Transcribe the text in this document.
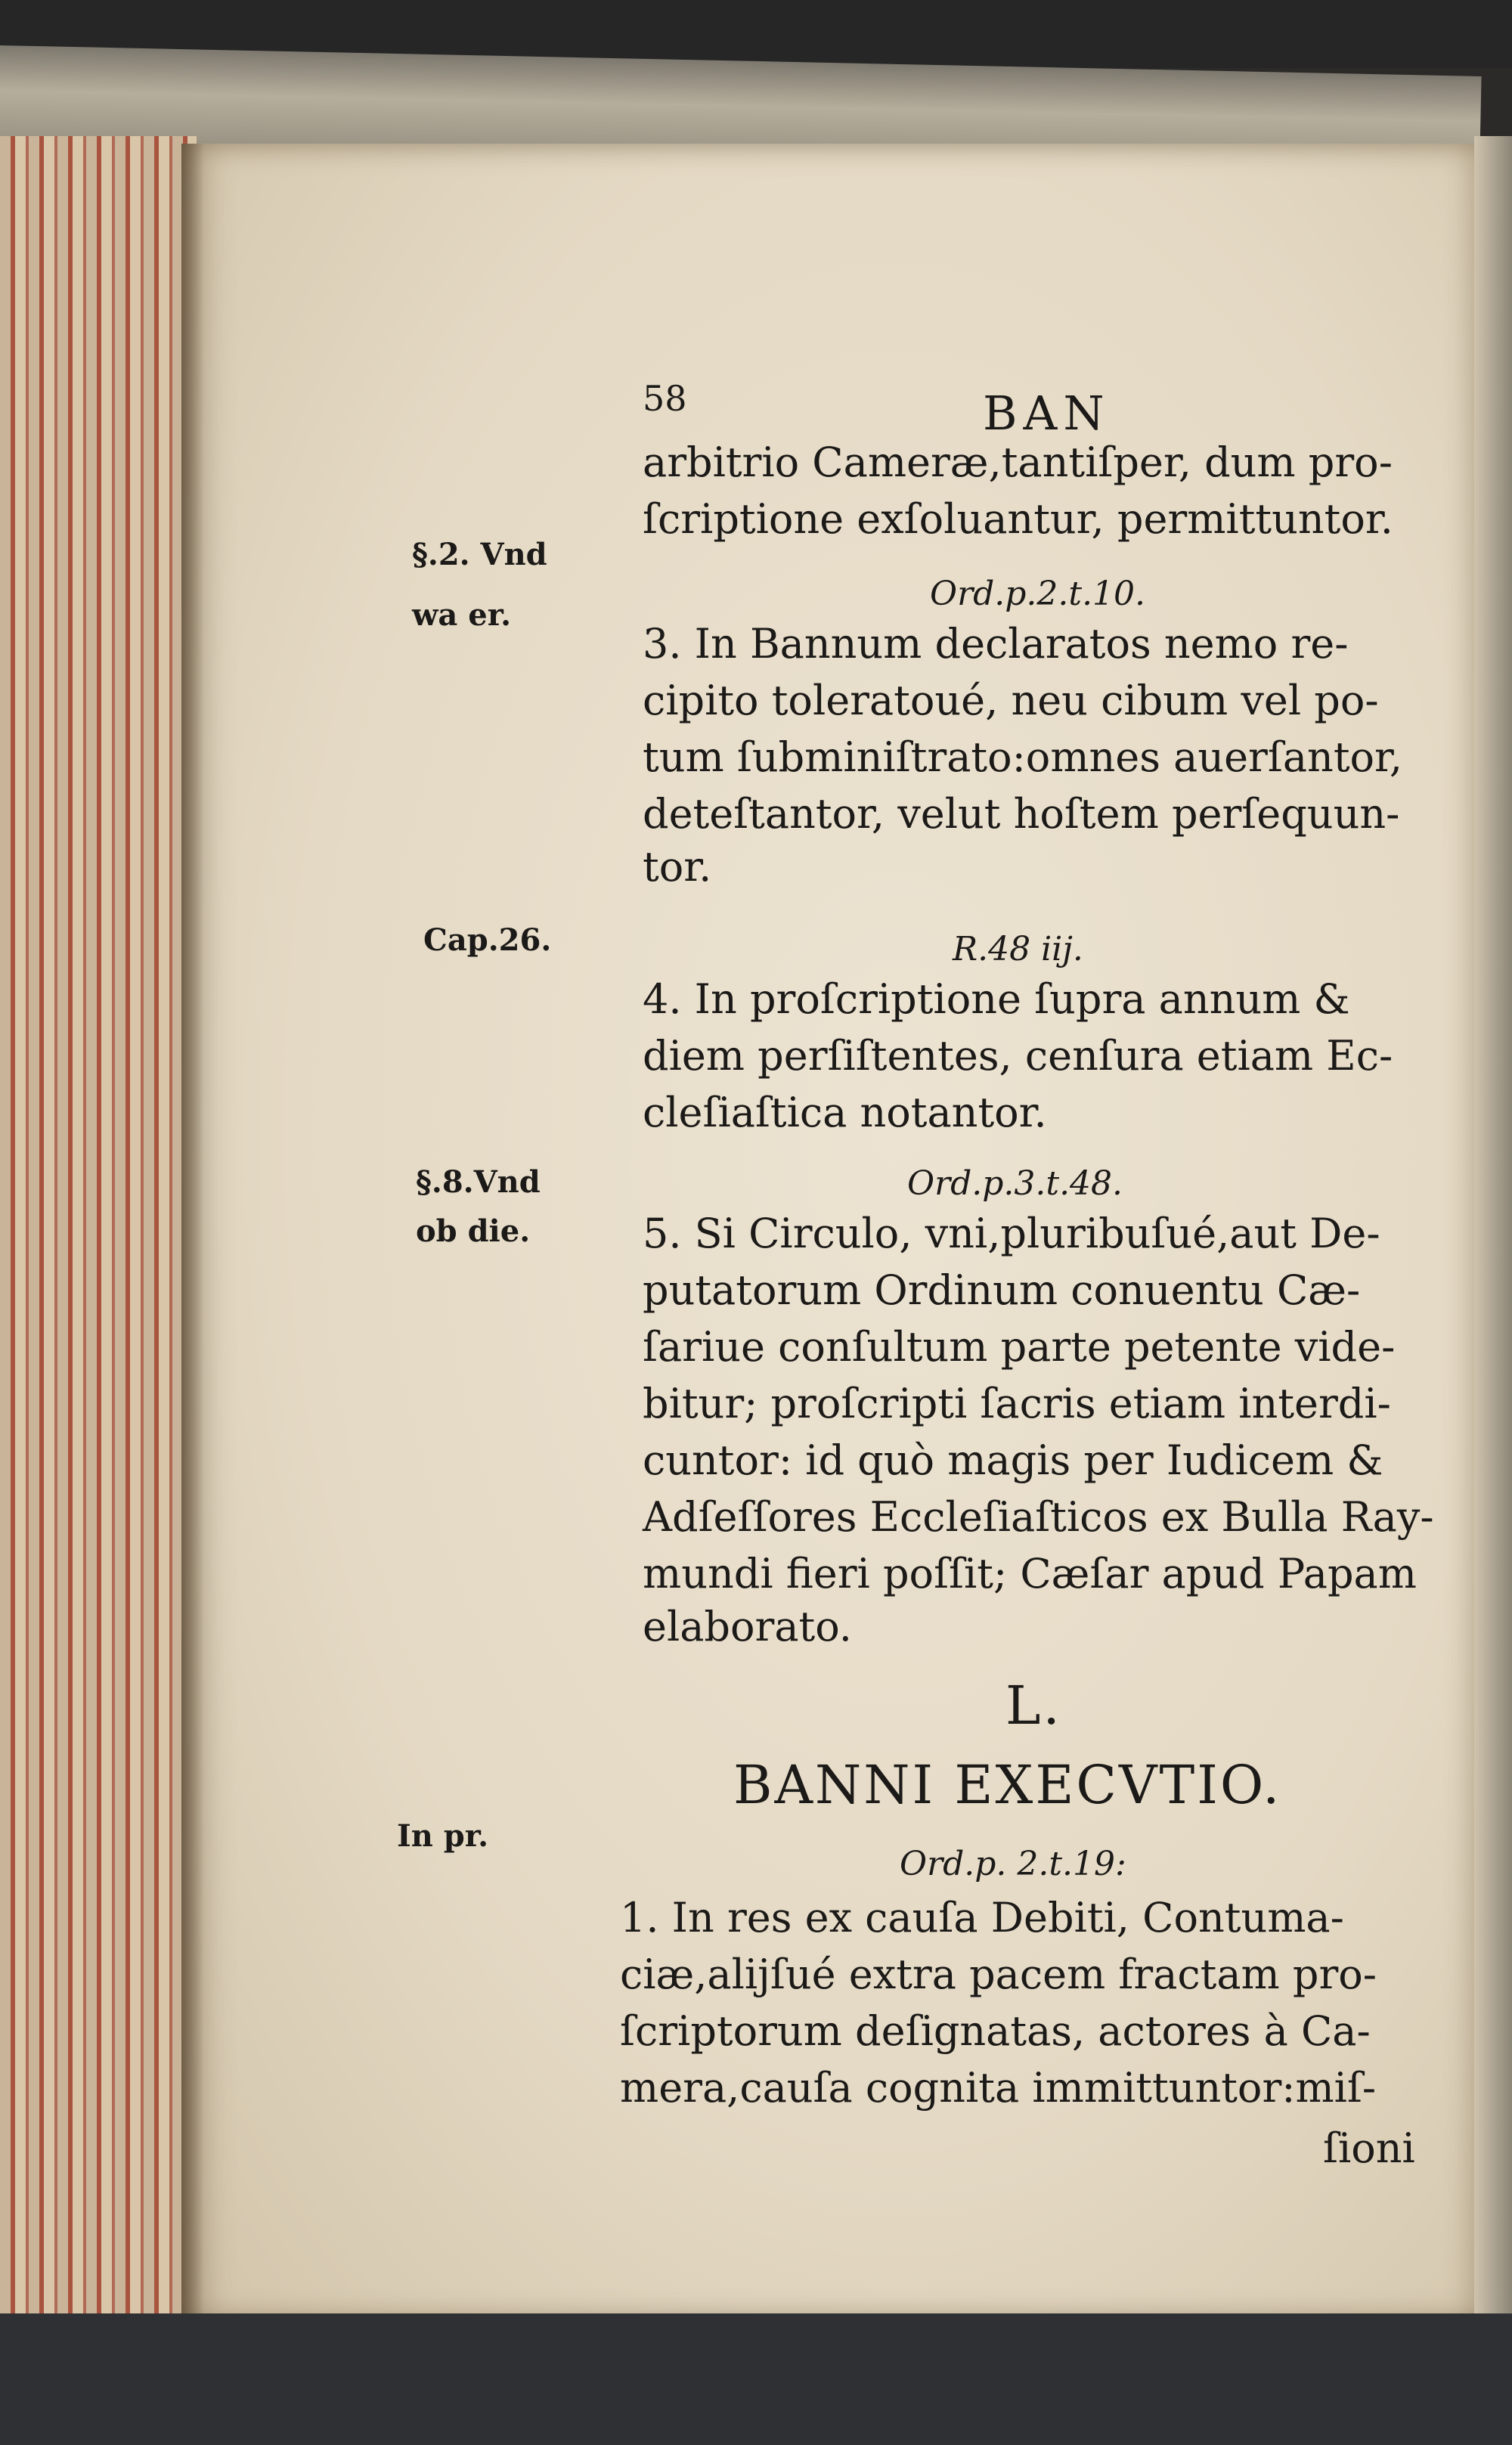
58	BAN
§.2. Vnd
wa er.
Cap.26.
§.8.Vnd
ob die.
In pr.
arbitrio Cameræ,tantiſper, dum pro-
ſcriptione exſoluantur, permittuntor.
Ord.p.2.t.10.
3. In Bannum declaratos nemo re-
cipito toleratoué, neu cibum vel po-
tum ſubminiſtrato:omnes auerſantor,
deteſtantor, velut hoſtem perſequun-
tor.
R.48 iij.
4. In proſcriptione ſupra annum &
diem perſiſtentes, cenſura etiam Ec-
cleſiaſtica notantor.
Ord.p.3.t.48.
5. Si Circulo, vni,pluribuſué,aut De-
putatorum Ordinum conuentu Cæ-
ſariue conſultum parte petente vide-
bitur; proſcripti ſacris etiam interdi-
cuntor: id quò magis per Iudicem &
Adſeſſores Eccleſiaſticos ex Bulla Ray-
mundi fieri poſſit; Cæſar apud Papam
elaborato.
L.
BANNI EXECVTIO.
Ord.p. 2.t.19:
1. In res ex cauſa Debiti, Contuma-
ciæ,alijſué extra pacem fractam pro-
ſcriptorum deſignatas, actores à Ca-
mera,cauſa cognita immittuntor:miſ-
ſioni
